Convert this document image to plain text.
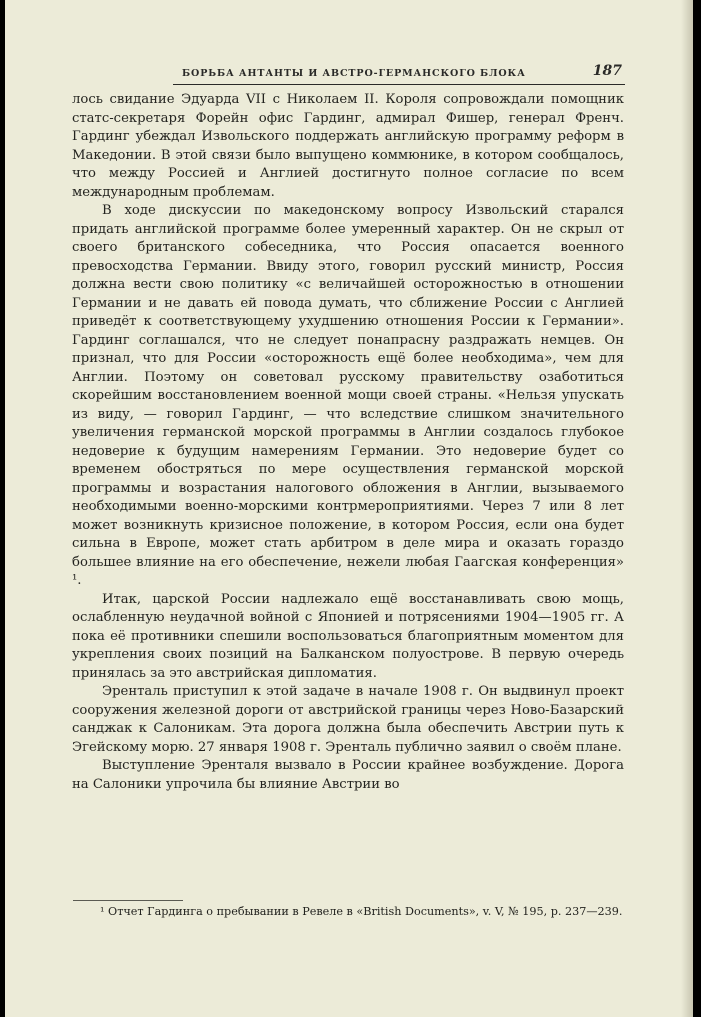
БОРЬБА АНТАНТЫ И АВСТРО-ГЕРМАНСКОГО БЛОКА	187

лось свидание Эдуарда VII с Николаем II. Короля сопровождали помощник статс-секретаря Форейн офис Гардинг, адмирал Фишер, генерал Френч. Гардинг убеждал Извольского поддержать английскую программу реформ в Македонии. В этой связи было выпущено коммюнике, в котором сообщалось, что между Россией и Англией достигнуто полное согласие по всем международным проблемам.

В ходе дискуссии по македонскому вопросу Извольский старался придать английской программе более умеренный характер. Он не скрыл от своего британского собеседника, что Россия опасается военного превосходства Германии. Ввиду этого, говорил русский министр, Россия должна вести свою политику «с величайшей осторожностью в отношении Германии и не давать ей повода думать, что сближение России с Англией приведёт к соответствующему ухудшению отношения России к Германии». Гардинг соглашался, что не следует понапрасну раздражать немцев. Он признал, что для России «осторожность ещё более необходима», чем для Англии. Поэтому он советовал русскому правительству озаботиться скорейшим восстановлением военной мощи своей страны. «Нельзя упускать из виду, — говорил Гардинг, — что вследствие слишком значительного увеличения германской морской программы в Англии создалось глубокое недоверие к будущим намерениям Германии. Это недоверие будет со временем обостряться по мере осуществления германской морской программы и возрастания налогового обложения в Англии, вызываемого необходимыми военно-морскими контрмероприятиями. Через 7 или 8 лет может возникнуть кризисное положение, в котором Россия, если она будет сильна в Европе, может стать арбитром в деле мира и оказать гораздо большее влияние на его обеспечение, нежели любая Гаагская конференция» ¹.

Итак, царской России надлежало ещё восстанавливать свою мощь, ослабленную неудачной войной с Японией и потрясениями 1904—1905 гг. А пока её противники спешили воспользоваться благоприятным моментом для укрепления своих позиций на Балканском полуострове. В первую очередь принялась за это австрийская дипломатия.

Эренталь приступил к этой задаче в начале 1908 г. Он выдвинул проект сооружения железной дороги от австрийской границы через Ново-Базарский санджак к Салоникам. Эта дорога должна была обеспечить Австрии путь к Эгейскому морю. 27 января 1908 г. Эренталь публично заявил о своём плане.

Выступление Эренталя вызвало в России крайнее возбуждение. Дорога на Салоники упрочила бы влияние Австрии во

¹ Отчет Гардинга о пребывании в Ревеле в «British Documents», v. V, № 195, p. 237—239.
